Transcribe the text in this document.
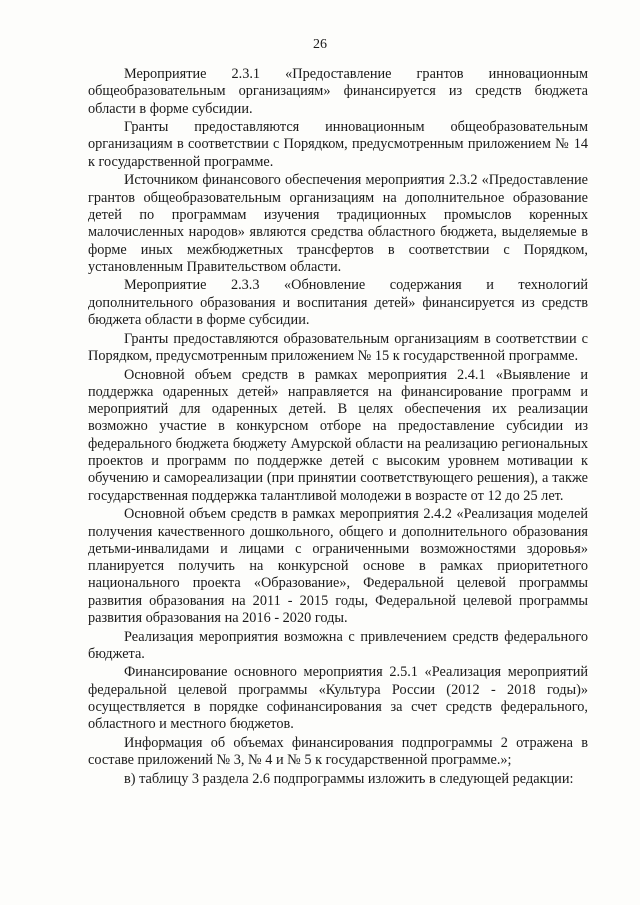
26

Мероприятие 2.3.1 «Предоставление грантов инновационным общеобразовательным организациям» финансируется из средств бюджета области в форме субсидии.

Гранты предоставляются инновационным общеобразовательным организациям в соответствии с Порядком, предусмотренным приложением № 14 к государственной программе.

Источником финансового обеспечения мероприятия 2.3.2 «Предоставление грантов общеобразовательным организациям на дополнительное образование детей по программам изучения традиционных промыслов коренных малочисленных народов» являются средства областного бюджета, выделяемые в форме иных межбюджетных трансфертов в соответствии с Порядком, установленным Правительством области.

Мероприятие 2.3.3 «Обновление содержания и технологий дополнительного образования и воспитания детей» финансируется из средств бюджета области в форме субсидии.

Гранты предоставляются образовательным организациям в соответствии с Порядком, предусмотренным приложением № 15 к государственной программе.

Основной объем средств в рамках мероприятия 2.4.1 «Выявление и поддержка одаренных детей» направляется на финансирование программ и мероприятий для одаренных детей. В целях обеспечения их реализации возможно участие в конкурсном отборе на предоставление субсидии из федерального бюджета бюджету Амурской области на реализацию региональных проектов и программ по поддержке детей с высоким уровнем мотивации к обучению и самореализации (при принятии соответствующего решения), а также государственная поддержка талантливой молодежи в возрасте от 12 до 25 лет.

Основной объем средств в рамках мероприятия 2.4.2 «Реализация моделей получения качественного дошкольного, общего и дополнительного образования детьми-инвалидами и лицами с ограниченными возможностями здоровья» планируется получить на конкурсной основе в рамках приоритетного национального проекта «Образование», Федеральной целевой программы развития образования на 2011 - 2015 годы, Федеральной целевой программы развития образования на 2016 - 2020 годы.

Реализация мероприятия возможна с привлечением средств федерального бюджета.

Финансирование основного мероприятия 2.5.1 «Реализация мероприятий федеральной целевой программы «Культура России (2012 - 2018 годы)» осуществляется в порядке софинансирования за счет средств федерального, областного и местного бюджетов.

Информация об объемах финансирования подпрограммы 2 отражена в составе приложений № 3, № 4 и № 5 к государственной программе.»;

в) таблицу 3 раздела 2.6 подпрограммы изложить в следующей редакции:
